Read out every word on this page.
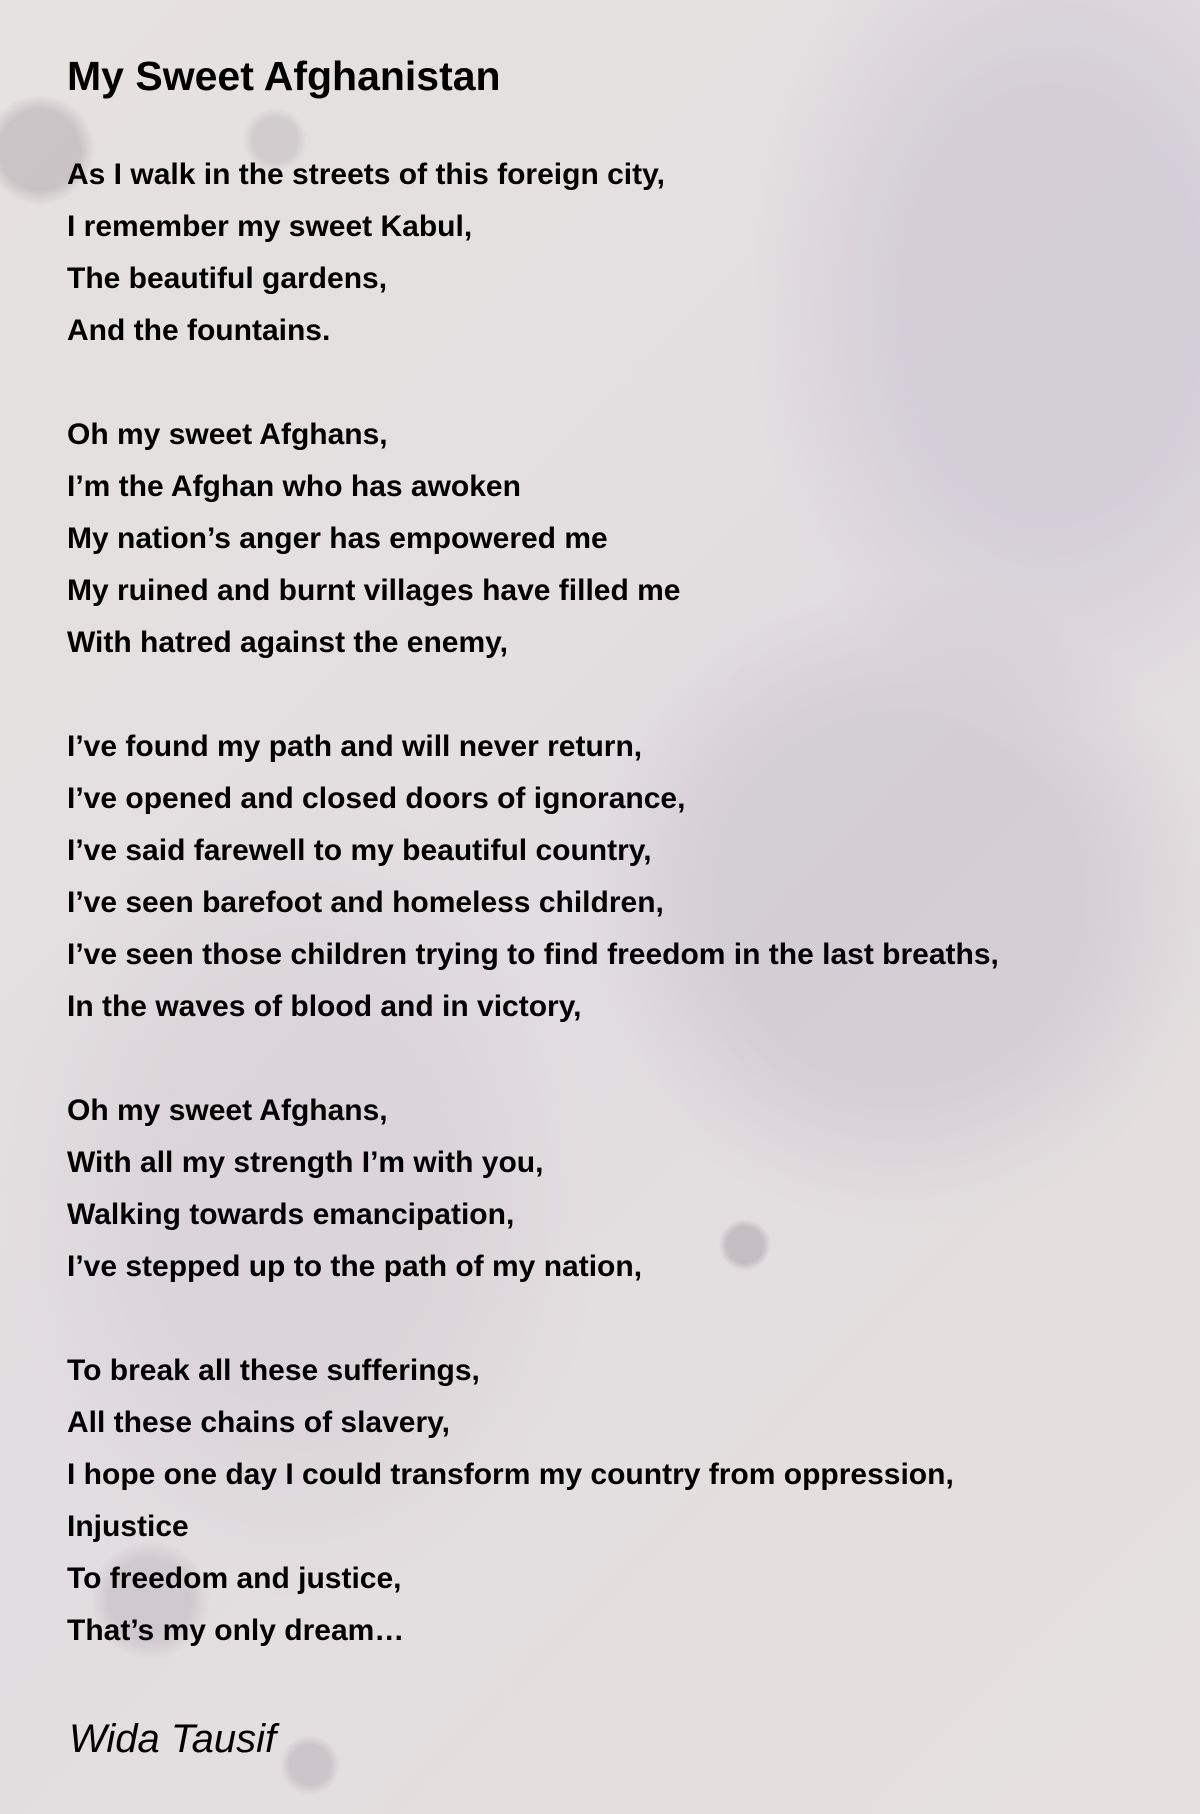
My Sweet Afghanistan
As I walk in the streets of this foreign city,
I remember my sweet Kabul,
The beautiful gardens,
And the fountains.
Oh my sweet Afghans,
I’m the Afghan who has awoken
My nation’s anger has empowered me
My ruined and burnt villages have filled me
With hatred against the enemy,
I’ve found my path and will never return,
I’ve opened and closed doors of ignorance,
I’ve said farewell to my beautiful country,
I’ve seen barefoot and homeless children,
I’ve seen those children trying to find freedom in the last breaths,
In the waves of blood and in victory,
Oh my sweet Afghans,
With all my strength I’m with you,
Walking towards emancipation,
I’ve stepped up to the path of my nation,
To break all these sufferings,
All these chains of slavery,
I hope one day I could transform my country from oppression,
Injustice
To freedom and justice,
That’s my only dream…
Wida Tausif
